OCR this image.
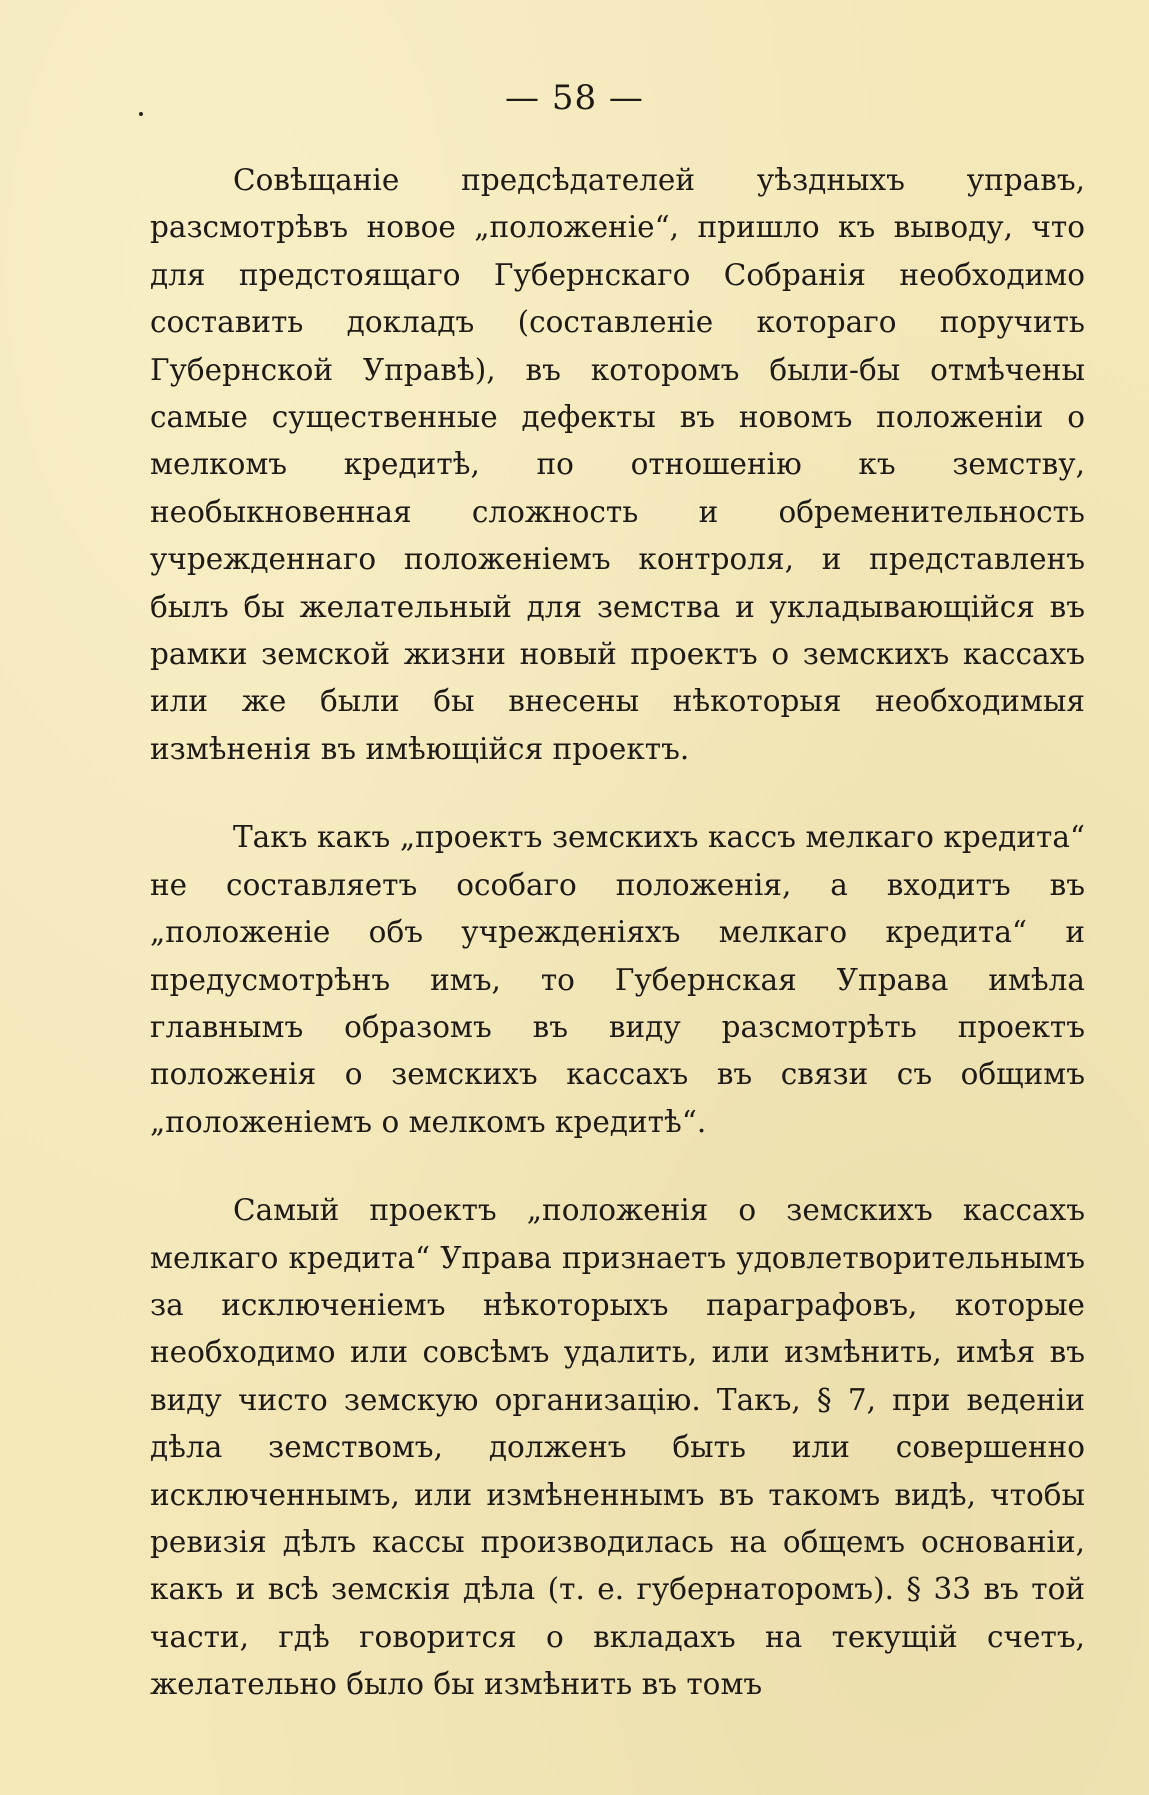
— 58 —

Совѣщаніе предсѣдателей уѣздныхъ управъ, разсмотрѣвъ новое „положеніе“, пришло къ выводу, что для предстоящаго Губернскаго Собранія необходимо составить докладъ (составленіе котораго поручить Губернской Управѣ), въ которомъ были-бы отмѣчены самые существенные дефекты въ новомъ положеніи о мелкомъ кредитѣ, по отношенію къ земству, необыкновенная сложность и обременительность учрежденнаго положеніемъ контроля, и представленъ былъ бы желательный для земства и укладывающійся въ рамки земской жизни новый проектъ о земскихъ кассахъ или же были бы внесены нѣкоторыя необходимыя измѣненія въ имѣющійся проектъ.

Такъ какъ „проектъ земскихъ кассъ мелкаго кредита“ не составляетъ особаго положенія, а входитъ въ „положеніе объ учрежденіяхъ мелкаго кредита“ и предусмотрѣнъ имъ, то Губернская Управа имѣла главнымъ образомъ въ виду разсмотрѣть проектъ положенія о земскихъ кассахъ въ связи съ общимъ „положеніемъ о мелкомъ кредитѣ“.

Самый проектъ „положенія о земскихъ кассахъ мелкаго кредита“ Управа признаетъ удовлетворительнымъ за исключеніемъ нѣкоторыхъ параграфовъ, которые необходимо или совсѣмъ удалить, или измѣнить, имѣя въ виду чисто земскую организацію. Такъ, § 7, при веденіи дѣла земствомъ, долженъ быть или совершенно исключеннымъ, или измѣненнымъ въ такомъ видѣ, чтобы ревизія дѣлъ кассы производилась на общемъ основаніи, какъ и всѣ земскія дѣла (т. е. губернаторомъ). § 33 въ той части, гдѣ говорится о вкладахъ на текущій счетъ, желательно было бы измѣнить въ томъ
